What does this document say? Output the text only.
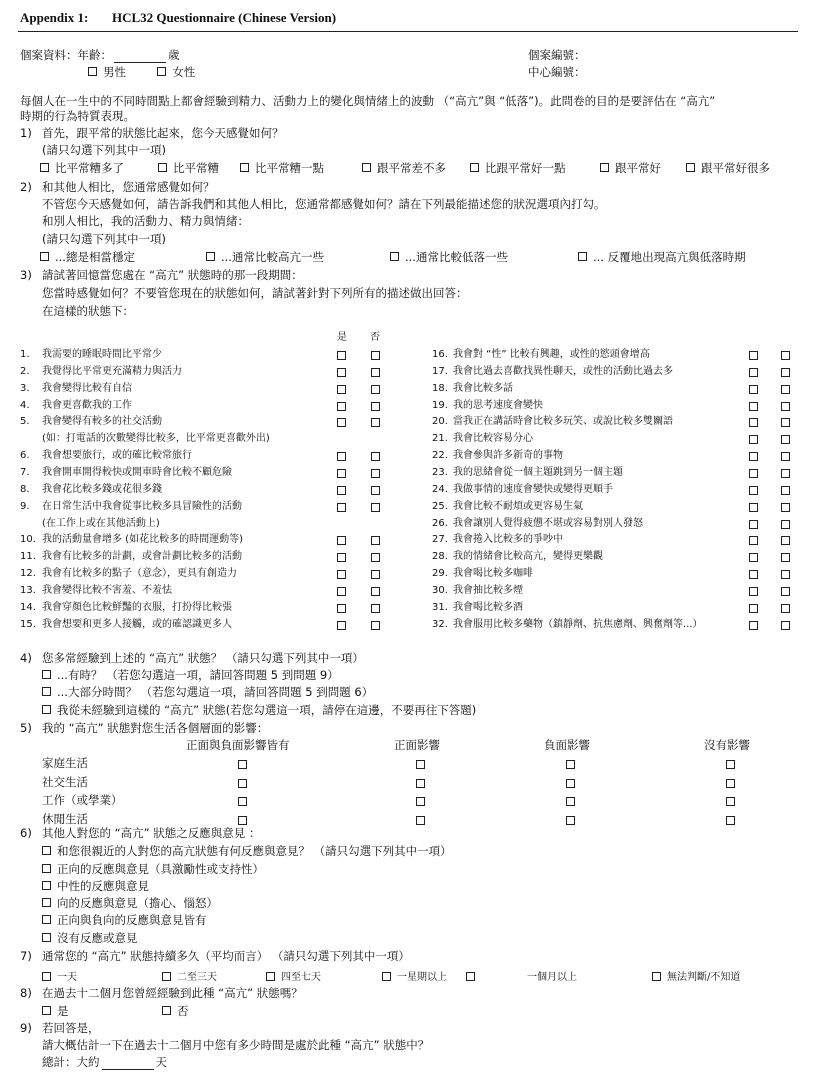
Appendix 1: HCL32 Questionnaire (Chinese Version)
個案資料：年齡：	歲
男性	女性
個案編號：
中心編號：
每個人在一生中的不同時間點上都會經驗到精力、活動力上的變化與情緒上的波動 （“高亢”與 “低落”)。此問卷的目的是要評估在 “高亢”
時期的行為特質表現。
1) 首先，跟平常的狀態比起來，您今天感覺如何？
(請只勾選下列其中一項)
比平常糟多了	比平常糟	比平常糟一點	跟平常差不多	比跟平常好一點	跟平常好	跟平常好很多
2) 和其他人相比，您通常感覺如何？
不管您今天感覺如何，請告訴我們和其他人相比，您通常都感覺如何？請在下列最能描述您的狀況選項內打勾。
和別人相比，我的活動力、精力與情緒：
(請只勾選下列其中一項)
...總是相當穩定	...通常比較高亢一些	...通常比較低落一些	... 反覆地出現高亢與低落時期
3) 請試著回憶當您處在 “高亢” 狀態時的那一段期間：
您當時感覺如何？不要管您現在的狀態如何，請試著針對下列所有的描述做出回答：
在這樣的狀態下：
是 否
1. 我需要的睡眠時間比平常少
2. 我覺得比平常更充滿精力與活力
3. 我會變得比較有自信
4. 我會更喜歡我的工作
5. 我會變得有較多的社交活動
(如：打電話的次數變得比較多，比平常更喜歡外出)
6. 我會想要旅行，或的確比較常旅行
7. 我會開車開得較快或開車時會比較不顧危險
8. 我會花比較多錢或花很多錢
9. 在日常生活中我會從事比較多具冒險性的活動
(在工作上或在其他活動上)
10. 我的活動量會增多 (如花比較多的時間運動等)
11. 我會有比較多的計劃，或會計劃比較多的活動
12. 我會有比較多的點子（意念），更具有創造力
13. 我會變得比較不害羞、不羞怯
14. 我會穿顏色比較鮮豔的衣服，打扮得比較張
15. 我會想要和更多人接觸，或的確認識更多人
16. 我會對 “性” 比較有興趣，或性的慾頭會增高
17. 我會比過去喜歡找異性聊天，或性的活動比過去多
18. 我會比較多話
19. 我的思考速度會變快
20. 當我正在講話時會比較多玩笑、或說比較多雙關語
21. 我會比較容易分心
22. 我會參與許多新奇的事物
23. 我的思緒會從一個主題跳到另一個主題
24. 我做事情的速度會變快或變得更順手
25. 我會比較不耐煩或更容易生氣
26. 我會讓別人覺得疲憊不堪或容易對別人發怒
27. 我會捲入比較多的爭吵中
28. 我的情緒會比較高亢，變得更樂觀
29. 我會喝比較多咖啡
30. 我會抽比較多煙
31. 我會喝比較多酒
32. 我會服用比較多藥物（鎮靜劑、抗焦慮劑、興奮劑等...）
4) 您多常經驗到上述的 “高亢” 狀態？ （請只勾選下列其中一項）
...有時？ （若您勾選這一項，請回答問題 5 到問題 9）
...大部分時間？ （若您勾選這一項，請回答問題 5 到問題 6）
我從未經驗到這樣的 “高亢” 狀態(若您勾選這一項，請停在這邊，不要再往下答題)
5) 我的 “高亢” 狀態對您生活各個層面的影響：
正面與負面影響皆有	正面影響	負面影響	沒有影響
家庭生活
社交生活
工作（或學業）
休閒生活
6) 其他人對您的 “高亢” 狀態之反應與意見 ：
和您很親近的人對您的高亢狀態有何反應與意見？ （請只勾選下列其中一項）
正向的反應與意見（具激勵性或支持性）
中性的反應與意見
向的反應與意見（擔心、惱怒）
正向與負向的反應與意見皆有
沒有反應或意見
7) 通常您的 “高亢” 狀態持續多久（平均而言） （請只勾選下列其中一項）
一天	二至三天	四至七天	一星期以上	一個月以上	無法判斷/不知道
8) 在過去十二個月您曾經經驗到此種 “高亢” 狀態嗎？
是	否
9) 若回答是，
請大概估計一下在過去十二個月中您有多少時間是處於此種 “高亢” 狀態中？
總計：大約	天
